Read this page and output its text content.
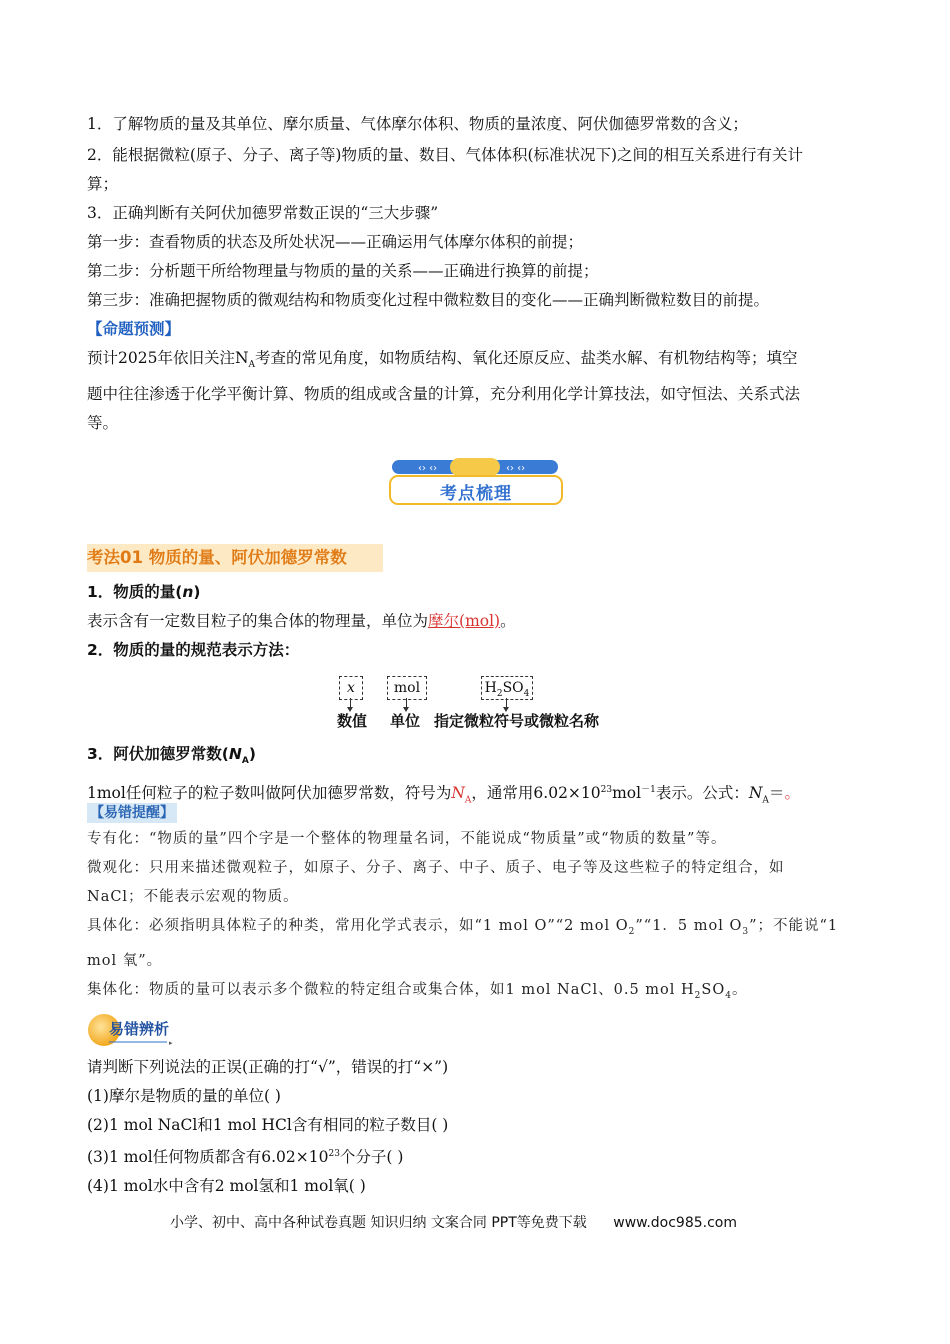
1．了解物质的量及其单位、摩尔质量、气体摩尔体积、物质的量浓度、阿伏伽德罗常数的含义；

2．能根据微粒(原子、分子、离子等)物质的量、数目、气体体积(标准状况下)之间的相互关系进行有关计

算；

3．正确判断有关阿伏加德罗常数正误的“三大步骤”

第一步：查看物质的状态及所处状况——正确运用气体摩尔体积的前提；

第二步：分析题干所给物理量与物质的量的关系——正确进行换算的前提；

第三步：准确把握物质的微观结构和物质变化过程中微粒数目的变化——正确判断微粒数目的前提。

【命题预测】

预计2025年依旧关注$N_A$考查的常见角度，如物质结构、氧化还原反应、盐类水解、有机物结构等；填空

题中往往渗透于化学平衡计算、物质的组成或含量的计算，充分利用化学计算技法，如守恒法、关系式法

等。

‹› ‹›	‹› ‹›
考点梳理
考法01 物质的量、阿伏加德罗常数

1．物质的量(n)

表示含有一定数目粒子的集合体的物理量，单位为摩尔(mol)。

2．物质的量的规范表示方法：

x	mol	$H_2SO_4$
数值 单位 指定微粒符号或微粒名称

3．阿伏加德罗常数$(N_A)$

1mol任何粒子的粒子数叫做阿伏加德罗常数，符号为$N_A$，通常用$6.02\times 10^{23}mol^{-1}$表示。公式：$N_A=$。

【易错提醒】

专有化：“物质的量”四个字是一个整体的物理量名词，不能说成“物质量”或“物质的数量”等。

微观化：只用来描述微观粒子，如原子、分子、离子、中子、质子、电子等及这些粒子的特定组合，如

NaCl；不能表示宏观的物质。

具体化：必须指明具体粒子的种类，常用化学式表示，如“1 mol O”“2 mol $O_2”“1$．5 mol $O_3$”；不能说“1

mol 氧”。

集体化：物质的量可以表示多个微粒的特定组合或集合体，如1 mol NaCl、0.5 mol $H_2SO_4$。

▸
易错辨析

请判断下列说法的正误(正确的打“√”，错误的打“×”)

(1)摩尔是物质的量的单位( )

(2)1 mol NaCl和1 mol HCl含有相同的粒子数目( )

(3)1 mol任何物质都含有$6.02\times 10^{23}$个分子( )

(4)1 mol水中含有2 mol氢和1 mol氧( )

小学、初中、高中各种试卷真题 知识归纳 文案合同 PPT等免费下载 www.doc985.com
